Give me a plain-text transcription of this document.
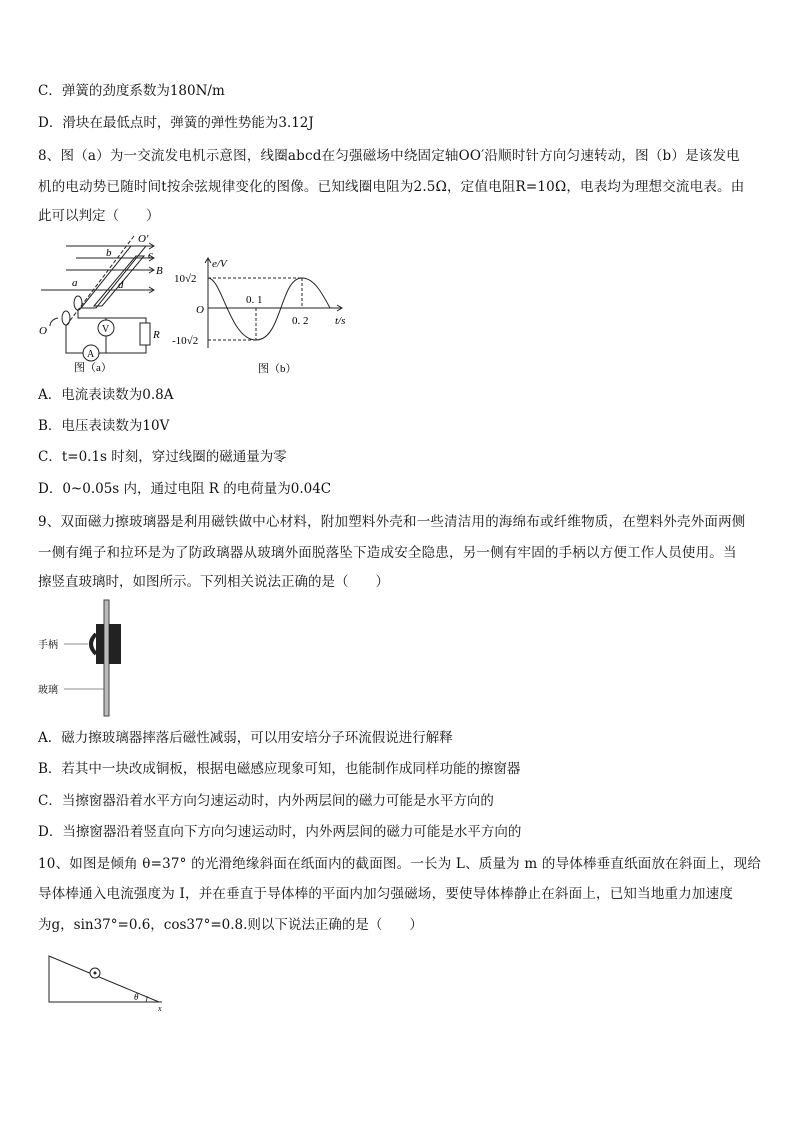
C．弹簧的劲度系数为180N/m
D．滑块在最低点时，弹簧的弹性势能为3.12J
8、图（a）为一交流发电机示意图，线圈abcd在匀强磁场中绕固定轴OO′沿顺时针方向匀速转动，图（b）是该发电
机的电动势已随时间t按余弦规律变化的图像。已知线圈电阻为2.5Ω，定值电阻R=10Ω，电表均为理想交流电表。由
此可以判定（　　）
O′
b	c
B
a	d
O	V
A
R
图（a）
e/V
t/s
O
10√2
-10√2
0. 1
0. 2
图（b）
A．电流表读数为0.8A
B．电压表读数为10V
C．t=0.1s 时刻，穿过线圈的磁通量为零
D．0~0.05s 内，通过电阻 R 的电荷量为0.04C
9、双面磁力擦玻璃器是利用磁铁做中心材料，附加塑料外壳和一些清洁用的海绵布或纤维物质，在塑料外壳外面两侧
一侧有绳子和拉环是为了防政璃器从玻璃外面脱落坠下造成安全隐患，另一侧有牢固的手柄以方便工作人员使用。当
擦竖直玻璃时，如图所示。下列相关说法正确的是（　　）
手柄
玻璃
A．磁力擦玻璃器摔落后磁性减弱，可以用安培分子环流假说进行解释
B．若其中一块改成铜板，根据电磁感应现象可知，也能制作成同样功能的擦窗器
C．当擦窗器沿着水平方向匀速运动时，内外两层间的磁力可能是水平方向的
D．当擦窗器沿着竖直向下方向匀速运动时，内外两层间的磁力可能是水平方向的
10、如图是倾角 θ=37° 的光滑绝缘斜面在纸面内的截面图。一长为 L、质量为 m 的导体棒垂直纸面放在斜面上，现给
导体棒通入电流强度为 I，并在垂直于导体棒的平面内加匀强磁场，要使导体棒静止在斜面上，已知当地重力加速度
为g，sin37°=0.6，cos37°=0.8.则以下说法正确的是（　　）
θ
x
